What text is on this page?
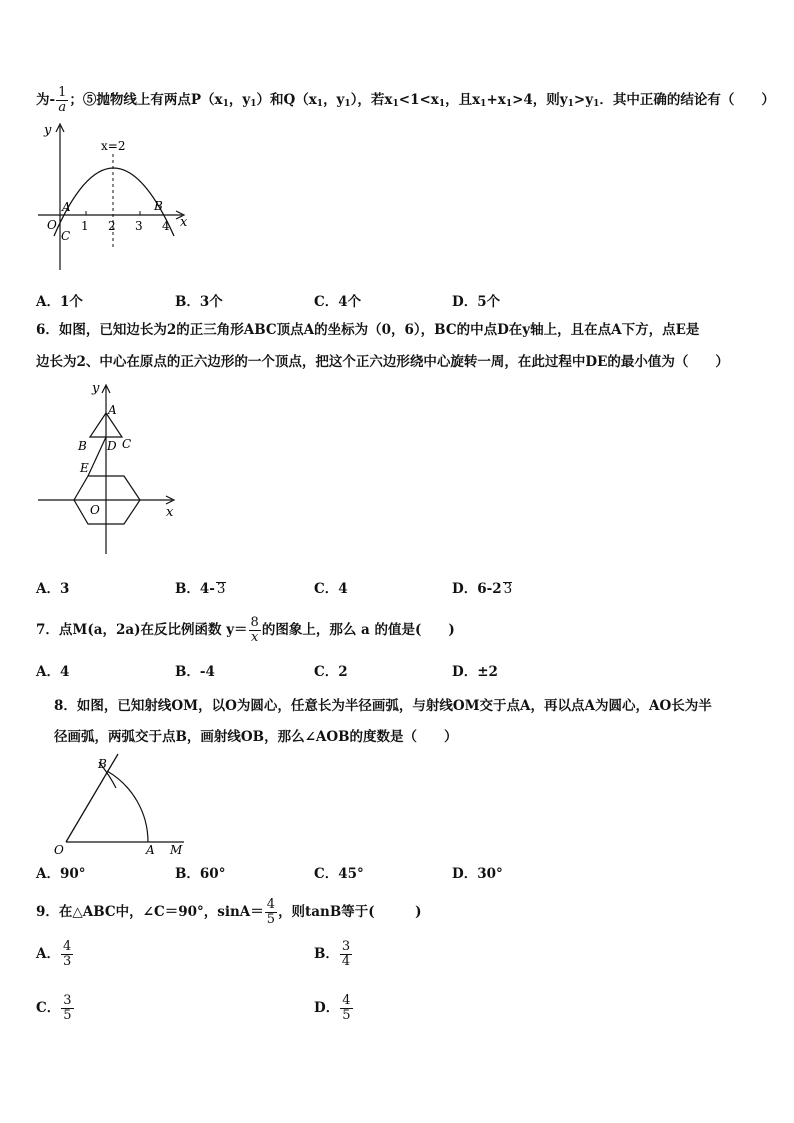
为- $\frac{1}{a}$ ；⑤抛物线上有两点$P(x_1$，$y_1$）和$Q(x_1$，$y_1$），若$x_1<1<x_1$，且$x_1+x_1>4$，则$y_1>y_1$．其中正确的结论有（　　）
y
x
x=2
A	B
O
C
1 2 3 4
A．1个	B．3个	C．4个	D．5个
6．如图，已知边长为2的正三角形ABC顶点A的坐标为（0，6），BC的中点D在y轴上，且在点A下方，点E是
边长为2、中心在原点的正六边形的一个顶点，把这个正六边形绕中心旋转一周，在此过程中DE的最小值为（　　）
y
x
A
B D C
E
O
A．3	B．4- 3	C．4	D．6-2 3
7．点M(a，2a)在反比例函数 $y= \frac{8}{x}$ 的图象上，那么 a 的值是(　　)
A．4	B．-4	C．2	D．±2
8．如图，已知射线OM，以O为圆心，任意长为半径画弧，与射线OM交于点A，再以点A为圆心，AO长为半
径画弧，两弧交于点B，画射线OB，那么∠AOB的度数是（　　）
B
O	A M
A．90°	B．60°	C．45°	D．30°
9．在△ABC中，∠C＝90°，$\sin A= \frac{4}{5}$ ，则tanB等于(　　　)
A． $\frac{4}{3}$	B． $\frac{3}{4}$
C． $\frac{3}{5}$	D． $\frac{4}{5}$
